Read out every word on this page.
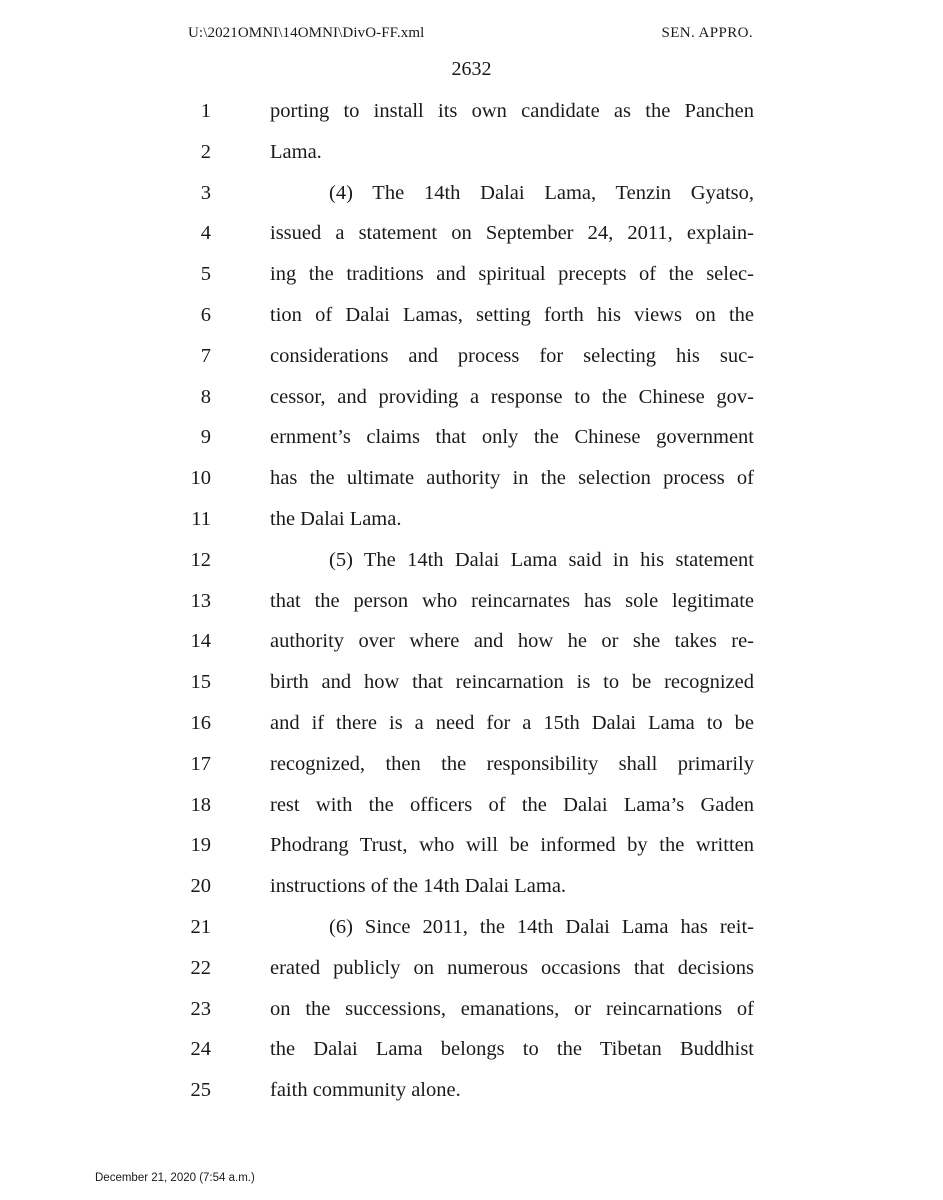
U:\2021OMNI\14OMNI\DivO-FF.xml	SEN. APPRO.
2632
1	porting to install its own candidate as the Panchen
2	Lama.
3	(4) The 14th Dalai Lama, Tenzin Gyatso,
4	issued a statement on September 24, 2011, explain-
5	ing the traditions and spiritual precepts of the selec-
6	tion of Dalai Lamas, setting forth his views on the
7	considerations and process for selecting his suc-
8	cessor, and providing a response to the Chinese gov-
9	ernment’s claims that only the Chinese government
10	has the ultimate authority in the selection process of
11	the Dalai Lama.
12	(5) The 14th Dalai Lama said in his statement
13	that the person who reincarnates has sole legitimate
14	authority over where and how he or she takes re-
15	birth and how that reincarnation is to be recognized
16	and if there is a need for a 15th Dalai Lama to be
17	recognized, then the responsibility shall primarily
18	rest with the officers of the Dalai Lama’s Gaden
19	Phodrang Trust, who will be informed by the written
20	instructions of the 14th Dalai Lama.
21	(6) Since 2011, the 14th Dalai Lama has reit-
22	erated publicly on numerous occasions that decisions
23	on the successions, emanations, or reincarnations of
24	the Dalai Lama belongs to the Tibetan Buddhist
25	faith community alone.
December 21, 2020 (7:54 a.m.)
